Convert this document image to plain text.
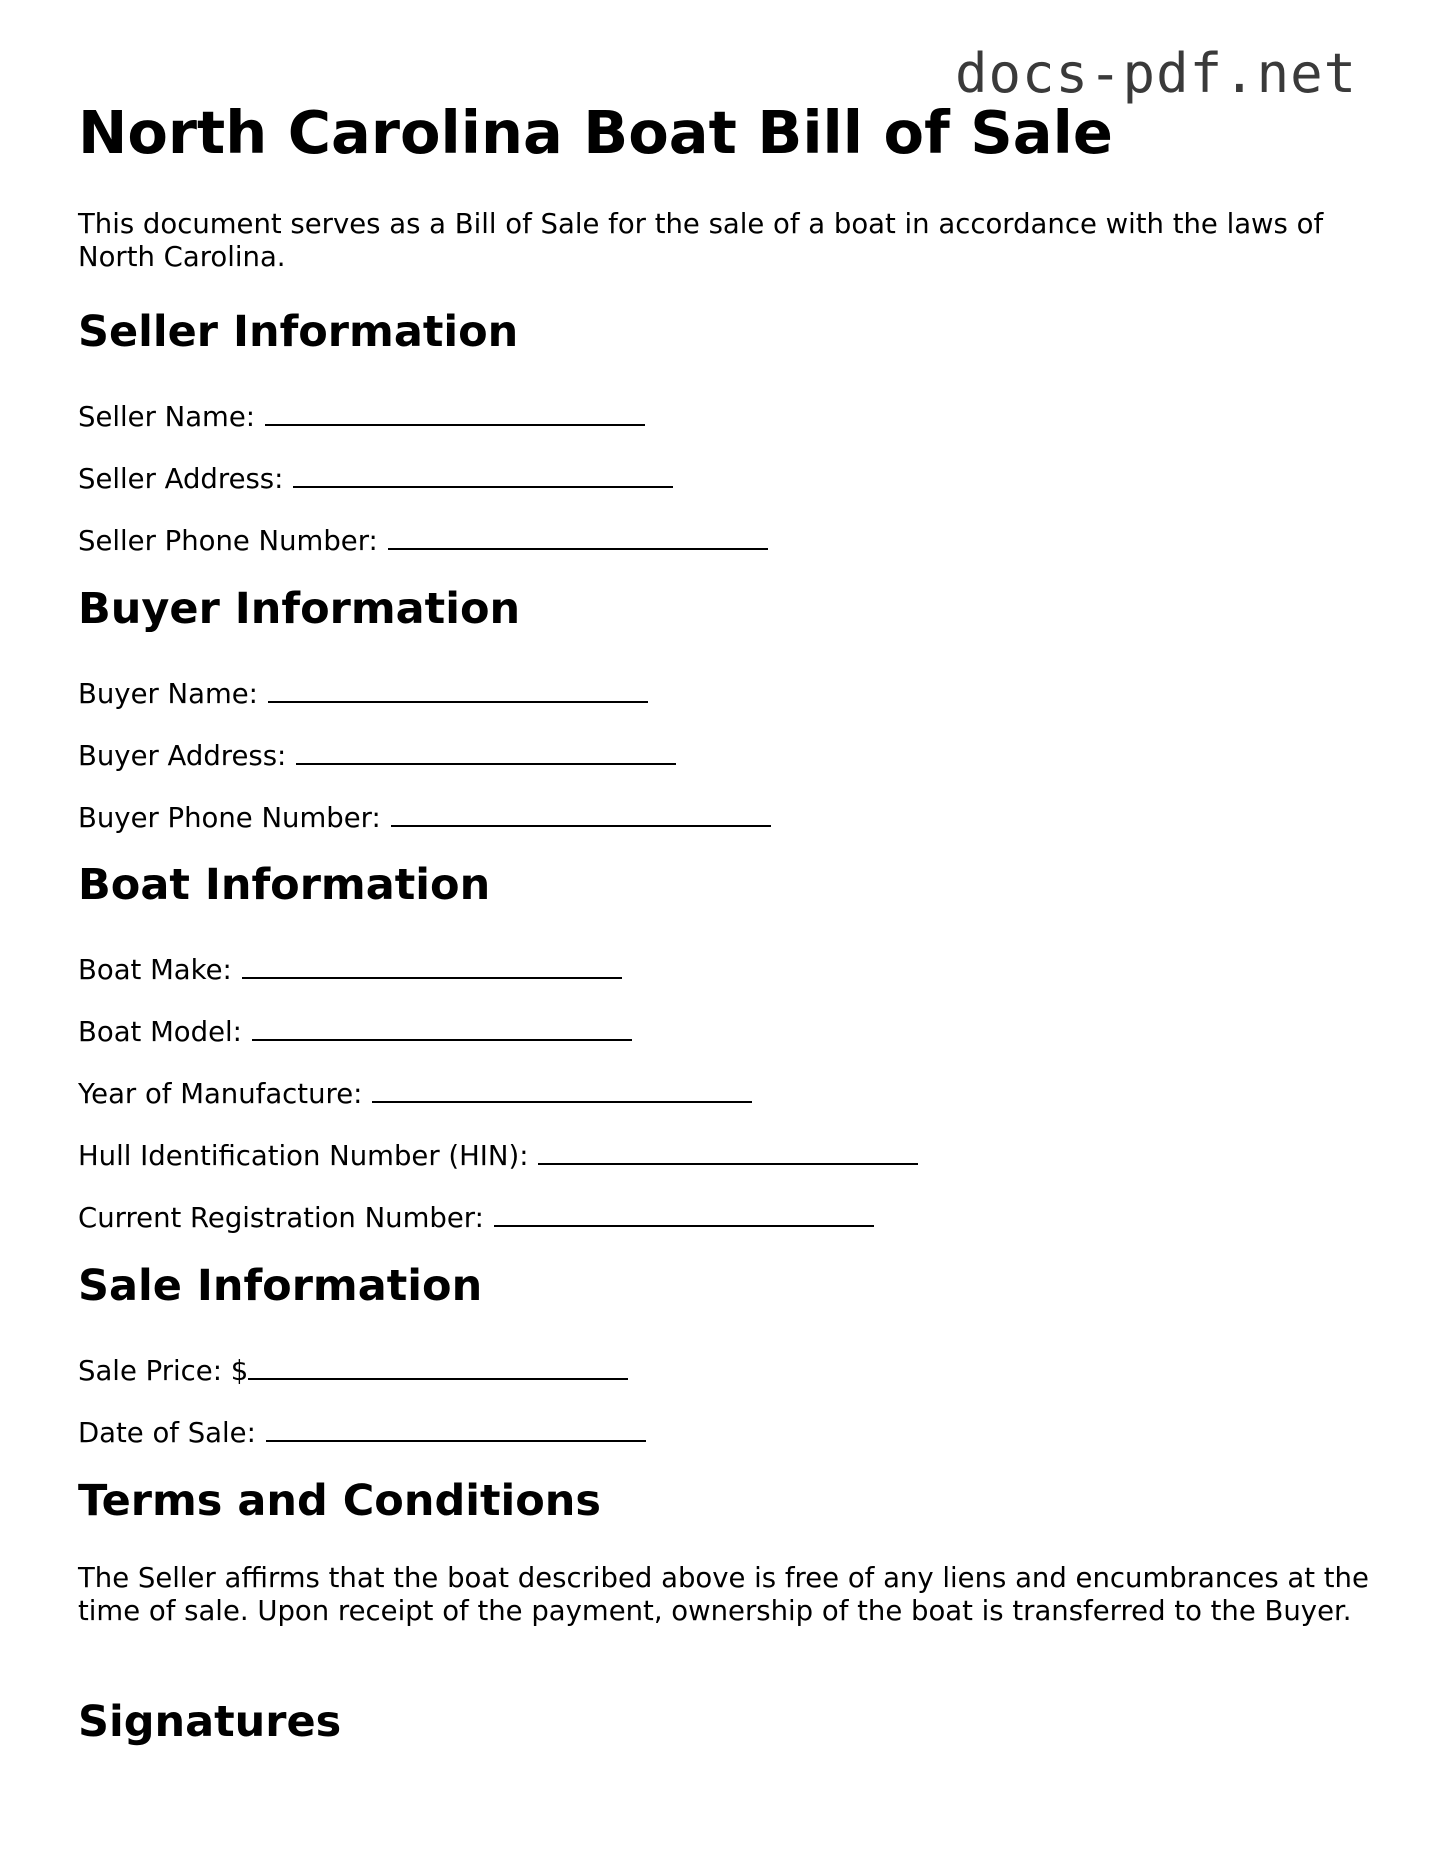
docs-pdf.net
North Carolina Boat Bill of Sale

This document serves as a Bill of Sale for the sale of a boat in accordance with the laws of North Carolina.

Seller Information
Seller Name:
Seller Address:
Seller Phone Number:
Buyer Information
Buyer Name:
Buyer Address:
Buyer Phone Number:
Boat Information
Boat Make:
Boat Model:
Year of Manufacture:
Hull Identification Number (HIN):
Current Registration Number:
Sale Information
Sale Price: $
Date of Sale:
Terms and Conditions

The Seller affirms that the boat described above is free of any liens and encumbrances at the time of sale. Upon receipt of the payment, ownership of the boat is transferred to the Buyer.

Signatures
